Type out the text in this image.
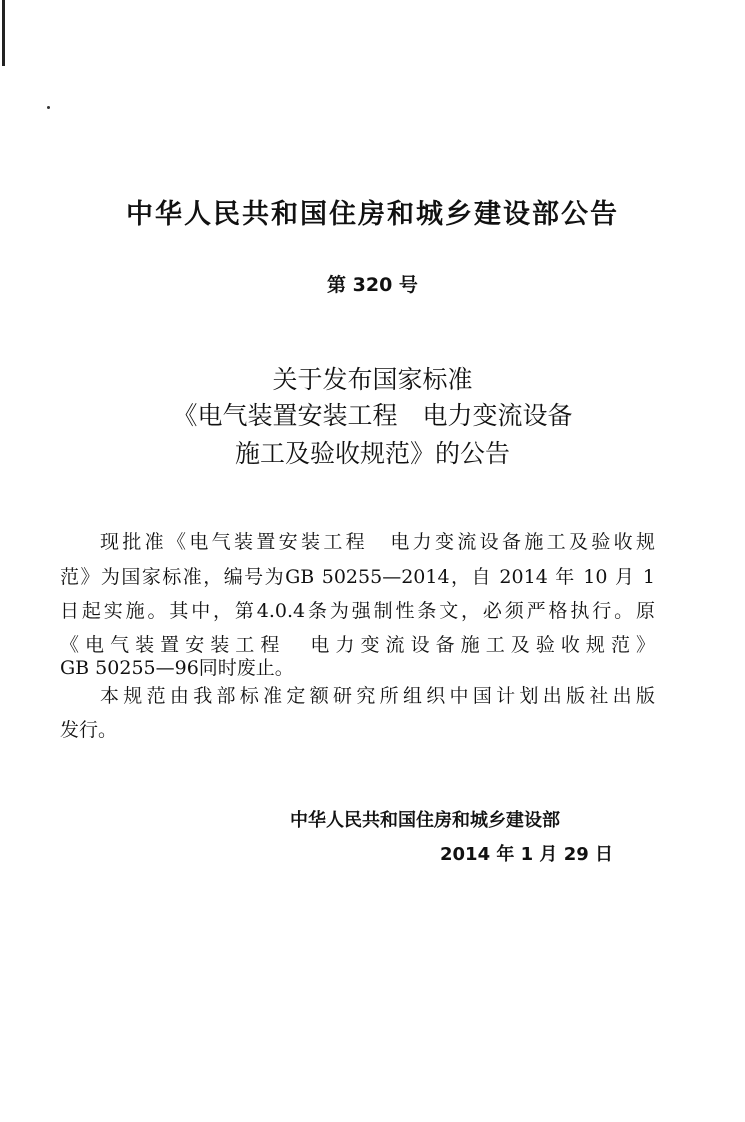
中华人民共和国住房和城乡建设部公告
第 320 号
关于发布国家标准
《电气装置安装工程　电力变流设备
施工及验收规范》的公告
现批准《电气装置安装工程　电力变流设备施工及验收规
范》为国家标准，编号为GB 50255—2014，自 2014 年 10 月 1
日起实施。其中，第4.0.4条为强制性条文，必须严格执行。原
《电气装置安装工程　电力变流设备施工及验收规范》
GB 50255—96同时废止。
本规范由我部标准定额研究所组织中国计划出版社出版
发行。
中华人民共和国住房和城乡建设部
2014 年 1 月 29 日
